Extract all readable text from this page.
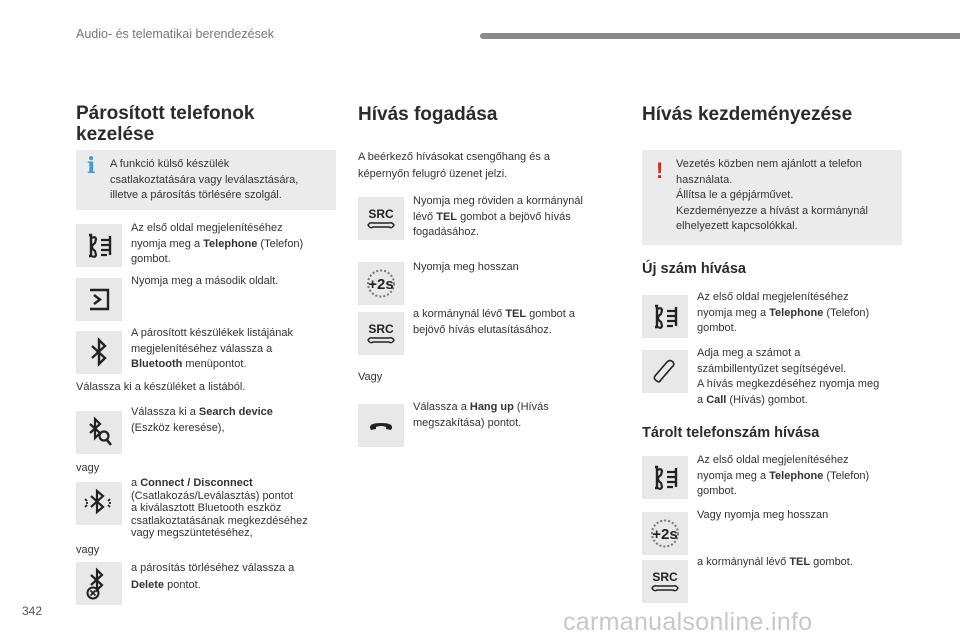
Audio- és telematikai berendezések
Párosított telefonok
kezelése
i A funkció külső készülék
csatlakoztatására vagy leválasztására,
illetve a párosítás törlésére szolgál.
Az első oldal megjelenítéséhez
nyomja meg a Telephone (Telefon)
gombot.
Nyomja meg a második oldalt.
A párosított készülékek listájának
megjelenítéséhez válassza a
Bluetooth menüpontot.
Válassza ki a készüléket a listából.
Válassza ki a Search device
(Eszköz keresése),
vagy
a Connect / Disconnect
(Csatlakozás/Leválasztás) pontot
a kiválasztott Bluetooth eszköz
csatlakoztatásának megkezdéséhez
vagy megszüntetéséhez,
vagy
a párosítás törléséhez válassza a
Delete pontot.
Hívás fogadása
A beérkező hívásokat csengőhang és a
képernyőn felugró üzenet jelzi.
SRC
Nyomja meg röviden a kormánynál
lévő TEL gombot a bejövő hívás
fogadásához.
+2s
Nyomja meg hosszan
SRC
a kormánynál lévő TEL gombot a
bejövő hívás elutasításához.
Vagy
Válassza a Hang up (Hívás
megszakítása) pontot.
Hívás kezdeményezése
! Vezetés közben nem ajánlott a telefon
használata.
Állítsa le a gépjárművet.
Kezdeményezze a hívást a kormánynál
elhelyezett kapcsolókkal.
Új szám hívása
Az első oldal megjelenítéséhez
nyomja meg a Telephone (Telefon)
gombot.
Adja meg a számot a
számbillentyűzet segítségével.
A hívás megkezdéséhez nyomja meg
a Call (Hívás) gombot.
Tárolt telefonszám hívása
Az első oldal megjelenítéséhez
nyomja meg a Telephone (Telefon)
gombot.
+2s
Vagy nyomja meg hosszan
SRC
a kormánynál lévő TEL gombot.
342	carmanualsonline.info
